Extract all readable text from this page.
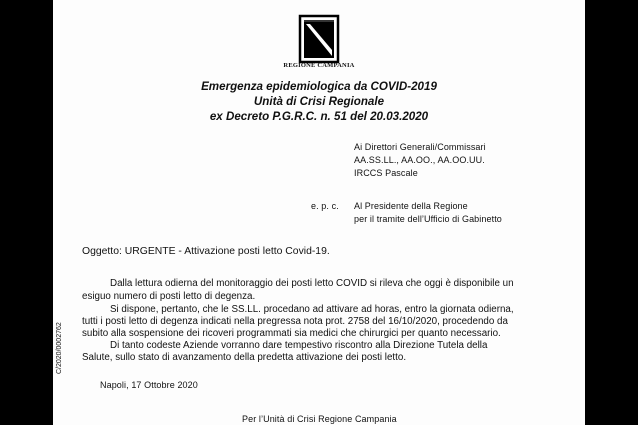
REGIONE CAMPANIA
Emergenza epidemiologica da COVID-2019
Unità di Crisi Regionale
ex Decreto P.G.R.C. n. 51 del 20.03.2020
Ai Direttori Generali/Commissari
AA.SS.LL., AA.OO., AA.OO.UU.
IRCCS Pascale
e. p. c. Al Presidente della Regione
per il tramite dell’Ufficio di Gabinetto
Oggetto: URGENTE - Attivazione posti letto Covid-19.
Dalla lettura odierna del monitoraggio dei posti letto COVID si rileva che oggi è disponibile un
esiguo numero di posti letto di degenza.
Si dispone, pertanto, che le SS.LL. procedano ad attivare ad horas, entro la giornata odierna,
tutti i posti letto di degenza indicati nella pregressa nota prot. 2758 del 16/10/2020, procedendo da
subito alla sospensione dei ricoveri programmati sia medici che chirurgici per quanto necessario.
Di tanto codeste Aziende vorranno dare tempestivo riscontro alla Direzione Tutela della
Salute, sullo stato di avanzamento della predetta attivazione dei posti letto.
Napoli, 17 Ottobre 2020
Per l’Unità di Crisi Regione Campania
C/2020/0002762
